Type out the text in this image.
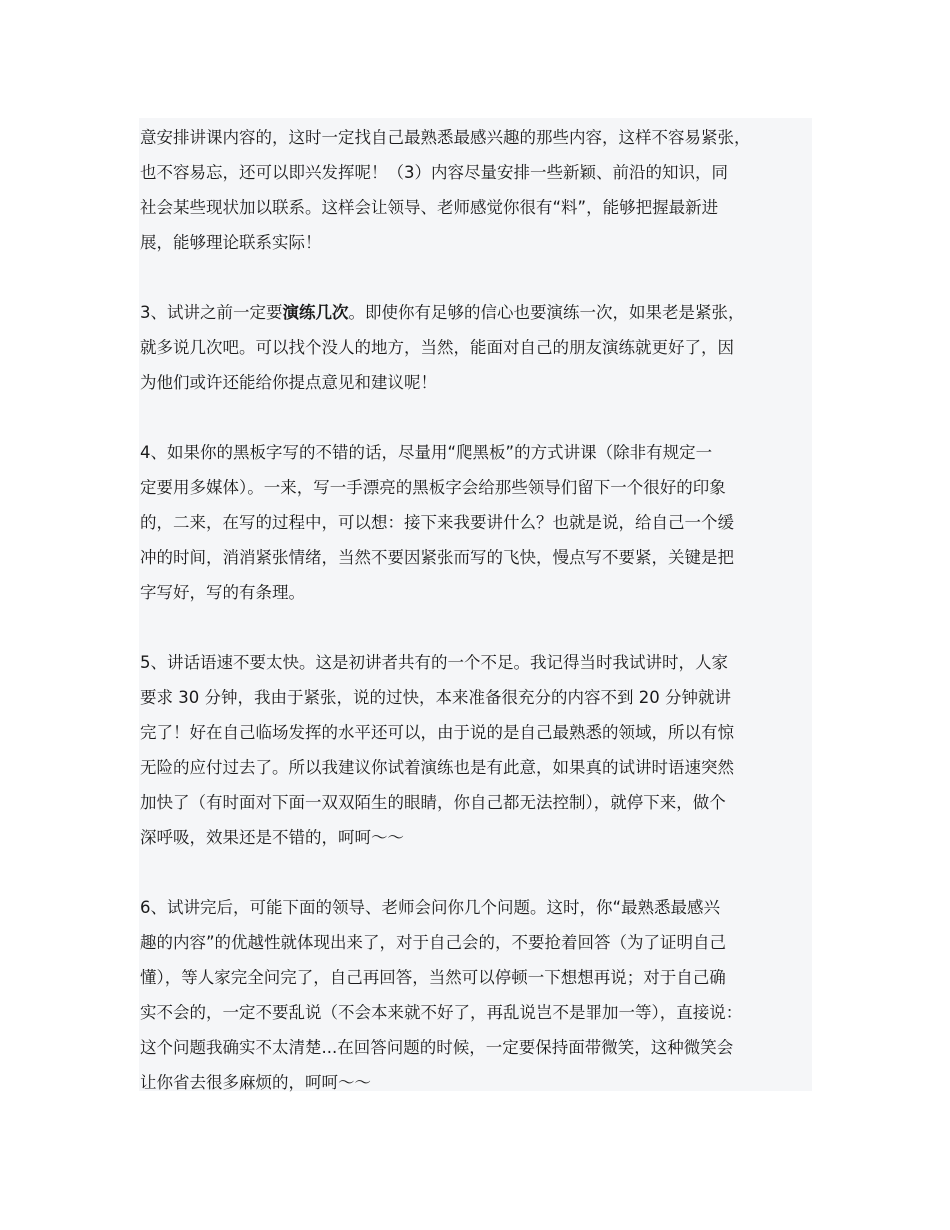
意安排讲课内容的，这时一定找自己最熟悉最感兴趣的那些内容，这样不容易紧张，
也不容易忘，还可以即兴发挥呢！（3）内容尽量安排一些新颖、前沿的知识，同
社会某些现状加以联系。这样会让领导、老师感觉你很有“料”，能够把握最新进
展，能够理论联系实际！
3、试讲之前一定要演练几次。即使你有足够的信心也要演练一次，如果老是紧张，
就多说几次吧。可以找个没人的地方，当然，能面对自己的朋友演练就更好了，因
为他们或许还能给你提点意见和建议呢！
4、如果你的黑板字写的不错的话，尽量用“爬黑板”的方式讲课（除非有规定一
定要用多媒体）。一来，写一手漂亮的黑板字会给那些领导们留下一个很好的印象
的，二来，在写的过程中，可以想：接下来我要讲什么？也就是说，给自己一个缓
冲的时间，消消紧张情绪，当然不要因紧张而写的飞快，慢点写不要紧，关键是把
字写好，写的有条理。
5、讲话语速不要太快。这是初讲者共有的一个不足。我记得当时我试讲时，人家
要求 30 分钟，我由于紧张，说的过快，本来准备很充分的内容不到 20 分钟就讲
完了！好在自己临场发挥的水平还可以，由于说的是自己最熟悉的领域，所以有惊
无险的应付过去了。所以我建议你试着演练也是有此意，如果真的试讲时语速突然
加快了（有时面对下面一双双陌生的眼睛，你自己都无法控制），就停下来，做个
深呼吸，效果还是不错的，呵呵～～
6、试讲完后，可能下面的领导、老师会问你几个问题。这时，你“最熟悉最感兴
趣的内容”的优越性就体现出来了，对于自己会的，不要抢着回答（为了证明自己
懂），等人家完全问完了，自己再回答，当然可以停顿一下想想再说；对于自己确
实不会的，一定不要乱说（不会本来就不好了，再乱说岂不是罪加一等），直接说：
这个问题我确实不太清楚...在回答问题的时候，一定要保持面带微笑，这种微笑会
让你省去很多麻烦的，呵呵～～
